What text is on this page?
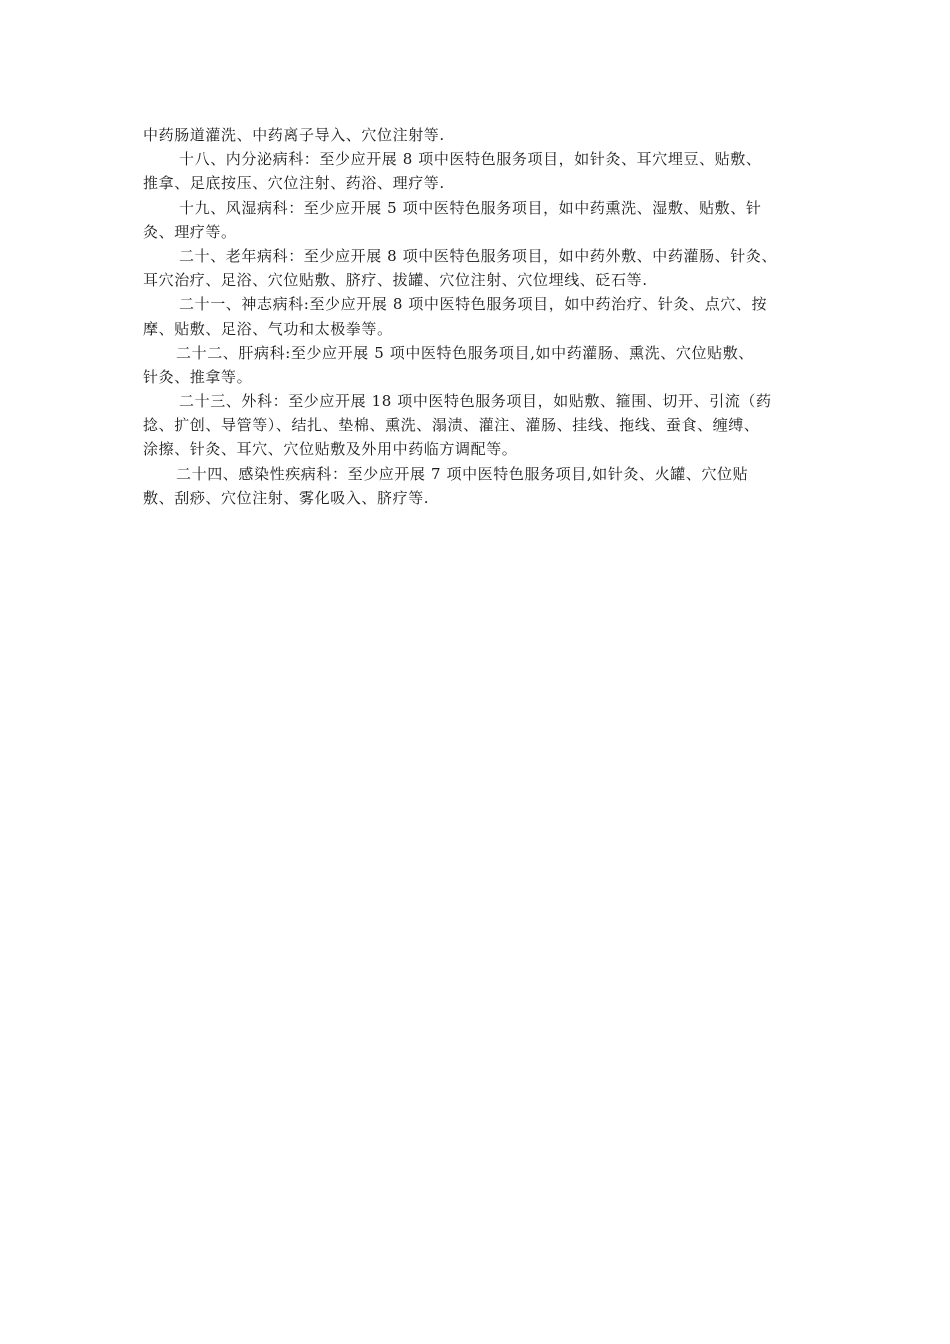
中药肠道灌洗、中药离子导入、穴位注射等.
十八、内分泌病科：至少应开展 8 项中医特色服务项目，如针灸、耳穴埋豆、贴敷、
推拿、足底按压、穴位注射、药浴、理疗等.
十九、风湿病科：至少应开展 5 项中医特色服务项目，如中药熏洗、湿敷、贴敷、针
灸、理疗等。
二十、老年病科：至少应开展 8 项中医特色服务项目，如中药外敷、中药灌肠、针灸、
耳穴治疗、足浴、穴位贴敷、脐疗、拔罐、穴位注射、穴位埋线、砭石等.
二十一、神志病科:至少应开展 8 项中医特色服务项目，如中药治疗、针灸、点穴、按
摩、贴敷、足浴、气功和太极拳等。
二十二、肝病科:至少应开展 5 项中医特色服务项目,如中药灌肠、熏洗、穴位贴敷、
针灸、推拿等。
二十三、外科：至少应开展 18 项中医特色服务项目，如贴敷、箍围、切开、引流（药
捻、扩创、导管等）、结扎、垫棉、熏洗、溻渍、灌注、灌肠、挂线、拖线、蚕食、缠缚、
涂擦、针灸、耳穴、穴位贴敷及外用中药临方调配等。
二十四、感染性疾病科：至少应开展 7 项中医特色服务项目,如针灸、火罐、穴位贴
敷、刮痧、穴位注射、雾化吸入、脐疗等.
